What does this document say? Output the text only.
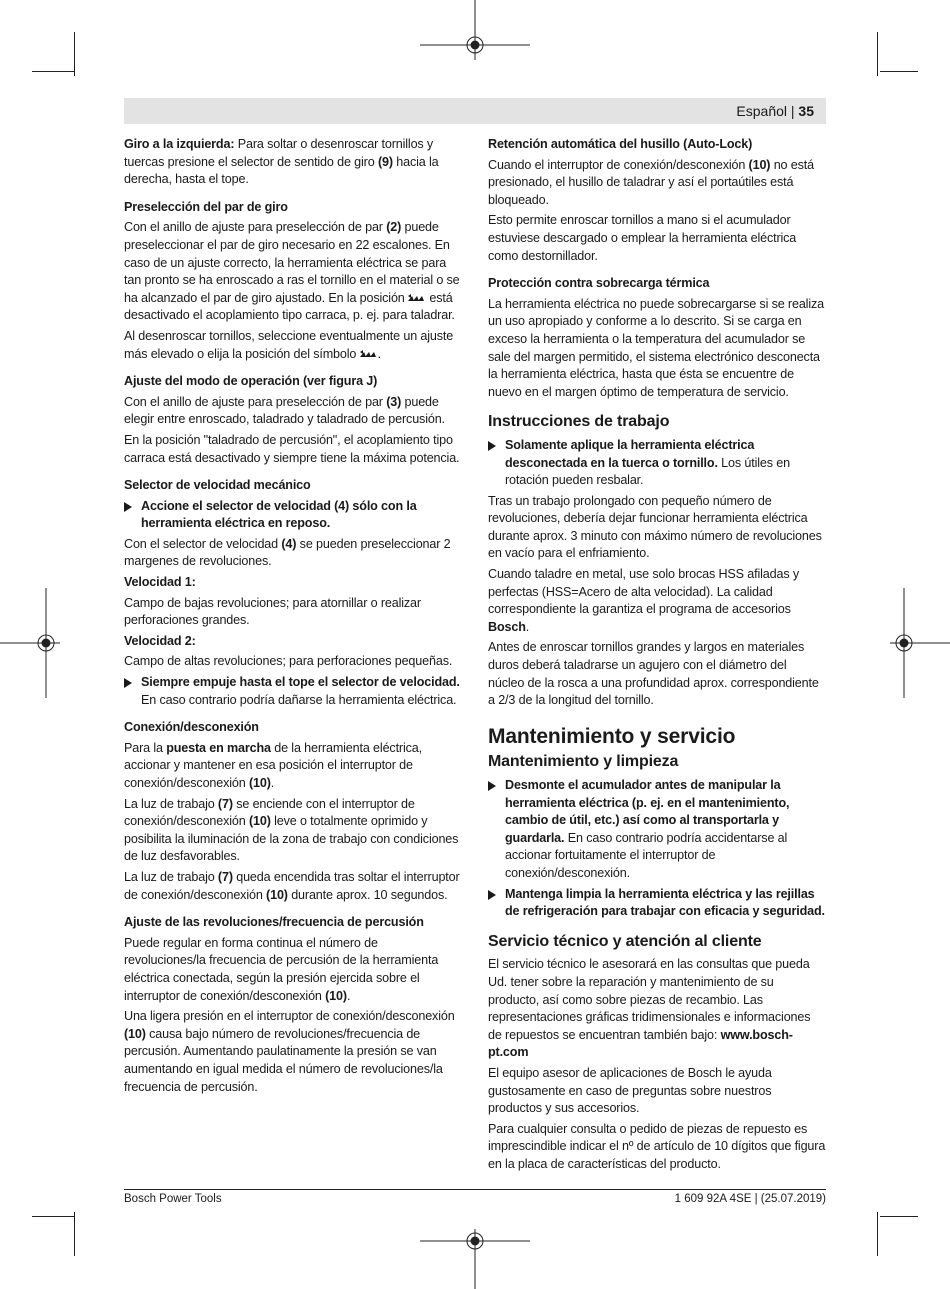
Español | 35

Giro a la izquierda: Para soltar o desenroscar tornillos y tuercas presione el selector de sentido de giro (9) hacia la derecha, hasta el tope.

Preselección del par de giro

Con el anillo de ajuste para preselección de par (2) puede preseleccionar el par de giro necesario en 22 escalones. En caso de un ajuste correcto, la herramienta eléctrica se para tan pronto se ha enroscado a ras el tornillo en el material o se ha alcanzado el par de giro ajustado. En la posición  está desactivado el acoplamiento tipo carraca, p. ej. para taladrar.

Al desenroscar tornillos, seleccione eventualmente un ajuste más elevado o elija la posición del símbolo .

Ajuste del modo de operación (ver figura J)

Con el anillo de ajuste para preselección de par (3) puede elegir entre enroscado, taladrado y taladrado de percusión.

En la posición "taladrado de percusión", el acoplamiento tipo carraca está desactivado y siempre tiene la máxima potencia.

Selector de velocidad mecánico
Accione el selector de velocidad (4) sólo con la herramienta eléctrica en reposo.

Con el selector de velocidad (4) se pueden preseleccionar 2 margenes de revoluciones.

Velocidad 1:

Campo de bajas revoluciones; para atornillar o realizar perforaciones grandes.

Velocidad 2:

Campo de altas revoluciones; para perforaciones pequeñas.

Siempre empuje hasta el tope el selector de velocidad. En caso contrario podría dañarse la herramienta eléctrica.
Conexión/desconexión

Para la puesta en marcha de la herramienta eléctrica, accionar y mantener en esa posición el interruptor de conexión/desconexión (10).

La luz de trabajo (7) se enciende con el interruptor de conexión/desconexión (10) leve o totalmente oprimido y posibilita la iluminación de la zona de trabajo con condiciones de luz desfavorables.

La luz de trabajo (7) queda encendida tras soltar el interruptor de conexión/desconexión (10) durante aprox. 10 segundos.

Ajuste de las revoluciones/frecuencia de percusión

Puede regular en forma continua el número de revoluciones/la frecuencia de percusión de la herramienta eléctrica conectada, según la presión ejercida sobre el interruptor de conexión/desconexión (10).

Una ligera presión en el interruptor de conexión/desconexión (10) causa bajo número de revoluciones/frecuencia de percusión. Aumentando paulatinamente la presión se van aumentando en igual medida el número de revoluciones/la frecuencia de percusión.

Retención automática del husillo (Auto-Lock)

Cuando el interruptor de conexión/desconexión (10) no está presionado, el husillo de taladrar y así el portaútiles está bloqueado.

Esto permite enroscar tornillos a mano si el acumulador estuviese descargado o emplear la herramienta eléctrica como destornillador.

Protección contra sobrecarga térmica

La herramienta eléctrica no puede sobrecargarse si se realiza un uso apropiado y conforme a lo descrito. Si se carga en exceso la herramienta o la temperatura del acumulador se sale del margen permitido, el sistema electrónico desconecta la herramienta eléctrica, hasta que ésta se encuentre de nuevo en el margen óptimo de temperatura de servicio.

Instrucciones de trabajo
Solamente aplique la herramienta eléctrica desconectada en la tuerca o tornillo. Los útiles en rotación pueden resbalar.

Tras un trabajo prolongado con pequeño número de revoluciones, debería dejar funcionar herramienta eléctrica durante aprox. 3 minuto con máximo número de revoluciones en vacío para el enfriamiento.

Cuando taladre en metal, use solo brocas HSS afiladas y perfectas (HSS=Acero de alta velocidad). La calidad correspondiente la garantiza el programa de accesorios Bosch.

Antes de enroscar tornillos grandes y largos en materiales duros deberá taladrarse un agujero con el diámetro del núcleo de la rosca a una profundidad aprox. correspondiente a 2/3 de la longitud del tornillo.

Mantenimiento y servicio
Mantenimiento y limpieza
Desmonte el acumulador antes de manipular la herramienta eléctrica (p. ej. en el mantenimiento, cambio de útil, etc.) así como al transportarla y guardarla. En caso contrario podría accidentarse al accionar fortuitamente el interruptor de conexión/desconexión.
Mantenga limpia la herramienta eléctrica y las rejillas de refrigeración para trabajar con eficacia y seguridad.
Servicio técnico y atención al cliente

El servicio técnico le asesorará en las consultas que pueda Ud. tener sobre la reparación y mantenimiento de su producto, así como sobre piezas de recambio. Las representaciones gráficas tridimensionales e informaciones de repuestos se encuentran también bajo: www.bosch-pt.com

El equipo asesor de aplicaciones de Bosch le ayuda gustosamente en caso de preguntas sobre nuestros productos y sus accesorios.

Para cualquier consulta o pedido de piezas de repuesto es imprescindible indicar el nº de artículo de 10 dígitos que figura en la placa de características del producto.

Bosch Power Tools	1 609 92A 4SE | (25.07.2019)
